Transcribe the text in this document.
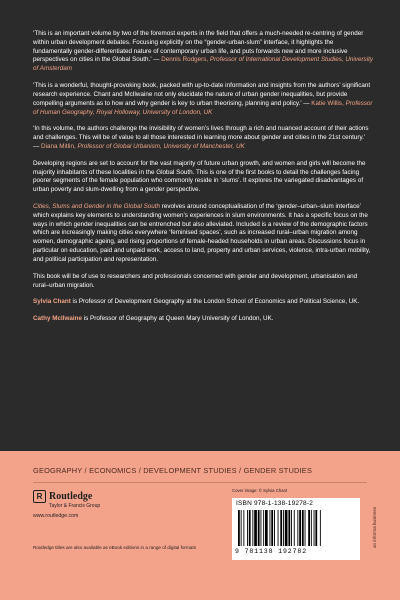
‘This is an important volume by two of the foremost experts in the field that offers a much-needed re-centring of gender within urban development debates. Focusing explicitly on the “gender-urban-slum” interface, it highlights the fundamentally gender-differentiated nature of contemporary urban life, and puts forwards new and more inclusive perspectives on cities in the Global South.’ — Dennis Rodgers, Professor of International Development Studies, University of Amsterdam

‘This is a wonderful, thought-provoking book, packed with up-to-date information and insights from the authors’ significant research experience. Chant and McIlwaine not only elucidate the nature of urban gender inequalities, but provide compelling arguments as to how and why gender is key to urban theorising, planning and policy.’ — Katie Willis, Professor of Human Geography, Royal Holloway, University of London, UK

‘In this volume, the authors challenge the invisibility of women’s lives through a rich and nuanced account of their actions and challenges. This will be of value to all those interested in learning more about gender and cities in the 21st century.’ — Diana Mitlin, Professor of Global Urbanism, University of Manchester, UK

Developing regions are set to account for the vast majority of future urban growth, and women and girls will become the majority inhabitants of these localities in the Global South. This is one of the first books to detail the challenges facing poorer segments of the female population who commonly reside in ‘slums’. It explores the variegated disadvantages of urban poverty and slum-dwelling from a gender perspective.

Cities, Slums and Gender in the Global South revolves around conceptualisation of the ‘gender–urban–slum interface’ which explains key elements to understanding women’s experiences in slum environments. It has a specific focus on the ways in which gender inequalities can be entrenched but also alleviated. Included is a review of the demographic factors which are increasingly making cities everywhere ‘feminised spaces’, such as increased rural–urban migration among women, demographic ageing, and rising proportions of female-headed households in urban areas. Discussions focus in particular on education, paid and unpaid work, access to land, property and urban services, violence, intra-urban mobility, and political participation and representation.

This book will be of use to researchers and professionals concerned with gender and development, urbanisation and rural–urban migration.

Sylvia Chant is Professor of Development Geography at the London School of Economics and Political Science, UK.

Cathy McIlwaine is Professor of Geography at Queen Mary University of London, UK.

GEOGRAPHY / ECONOMICS / DEVELOPMENT STUDIES / GENDER STUDIES
R Routledge
Taylor & Francis Group
www.routledge.com
Routledge titles are also available as eBook editions in a range of digital formats
Cover image: © Sylvia Chant
ISBN 978-1-138-19278-2
9 781138 192782
an informa business
